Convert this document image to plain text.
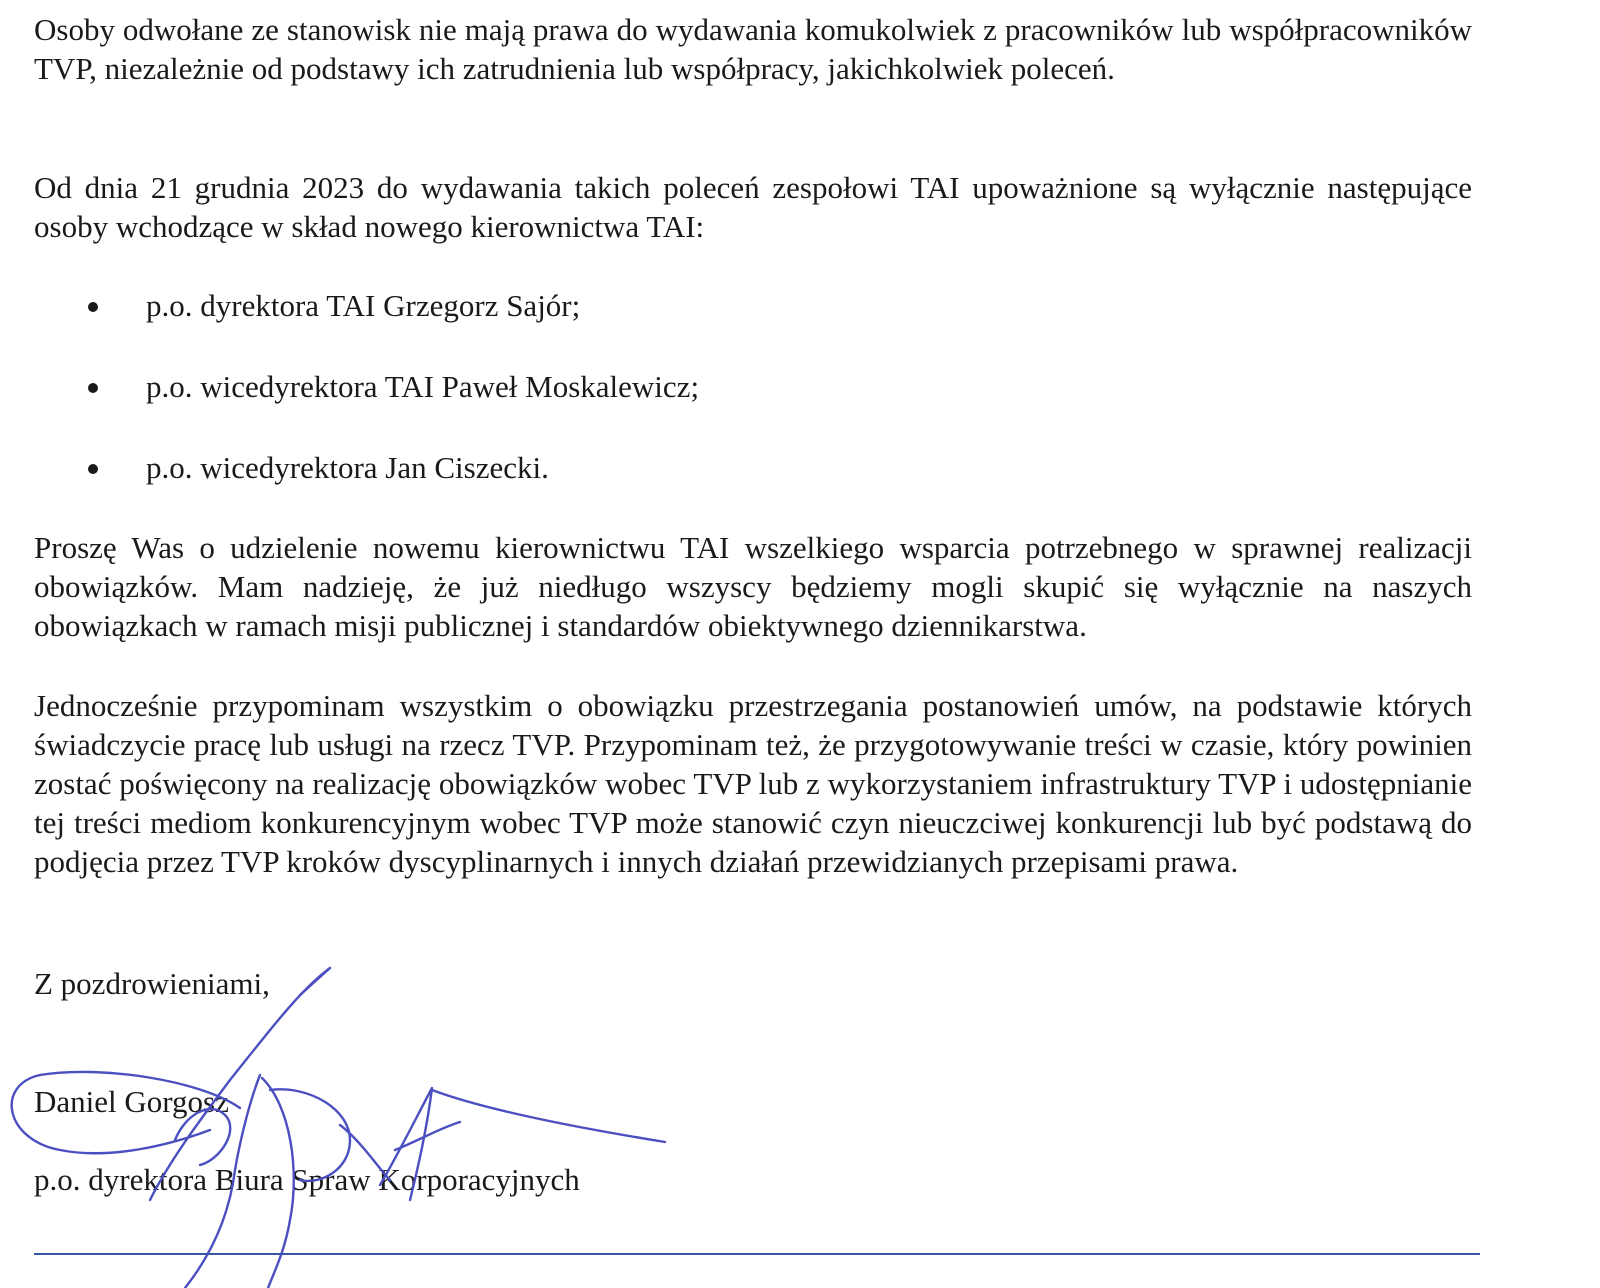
Osoby odwołane ze stanowisk nie mają prawa do wydawania komukolwiek z pracowników lub współpracowników TVP, niezależnie od podstawy ich zatrudnienia lub współpracy, jakichkolwiek poleceń.

Od dnia 21 grudnia 2023 do wydawania takich poleceń zespołowi TAI upoważnione są wyłącznie następujące osoby wchodzące w skład nowego kierownictwa TAI:

p.o. dyrektora TAI Grzegorz Sajór;
p.o. wicedyrektora TAI Paweł Moskalewicz;
p.o. wicedyrektora Jan Ciszecki.

Proszę Was o udzielenie nowemu kierownictwu TAI wszelkiego wsparcia potrzebnego w sprawnej realizacji obowiązków. Mam nadzieję, że już niedługo wszyscy będziemy mogli skupić się wyłącznie na naszych obowiązkach w ramach misji publicznej i standardów obiektywnego dziennikarstwa.

Jednocześnie przypominam wszystkim o obowiązku przestrzegania postanowień umów, na podstawie których świadczycie pracę lub usługi na rzecz TVP. Przypominam też, że przygotowywanie treści w czasie, który powinien zostać poświęcony na realizację obowiązków wobec TVP lub z wykorzystaniem infrastruktury TVP i udostępnianie tej treści mediom konkurencyjnym wobec TVP może stanowić czyn nieuczciwej konkurencji lub być podstawą do podjęcia przez TVP kroków dyscyplinarnych i innych działań przewidzianych przepisami prawa.

Z pozdrowieniami,
Daniel Gorgosz
p.o. dyrektora Biura Spraw Korporacyjnych
